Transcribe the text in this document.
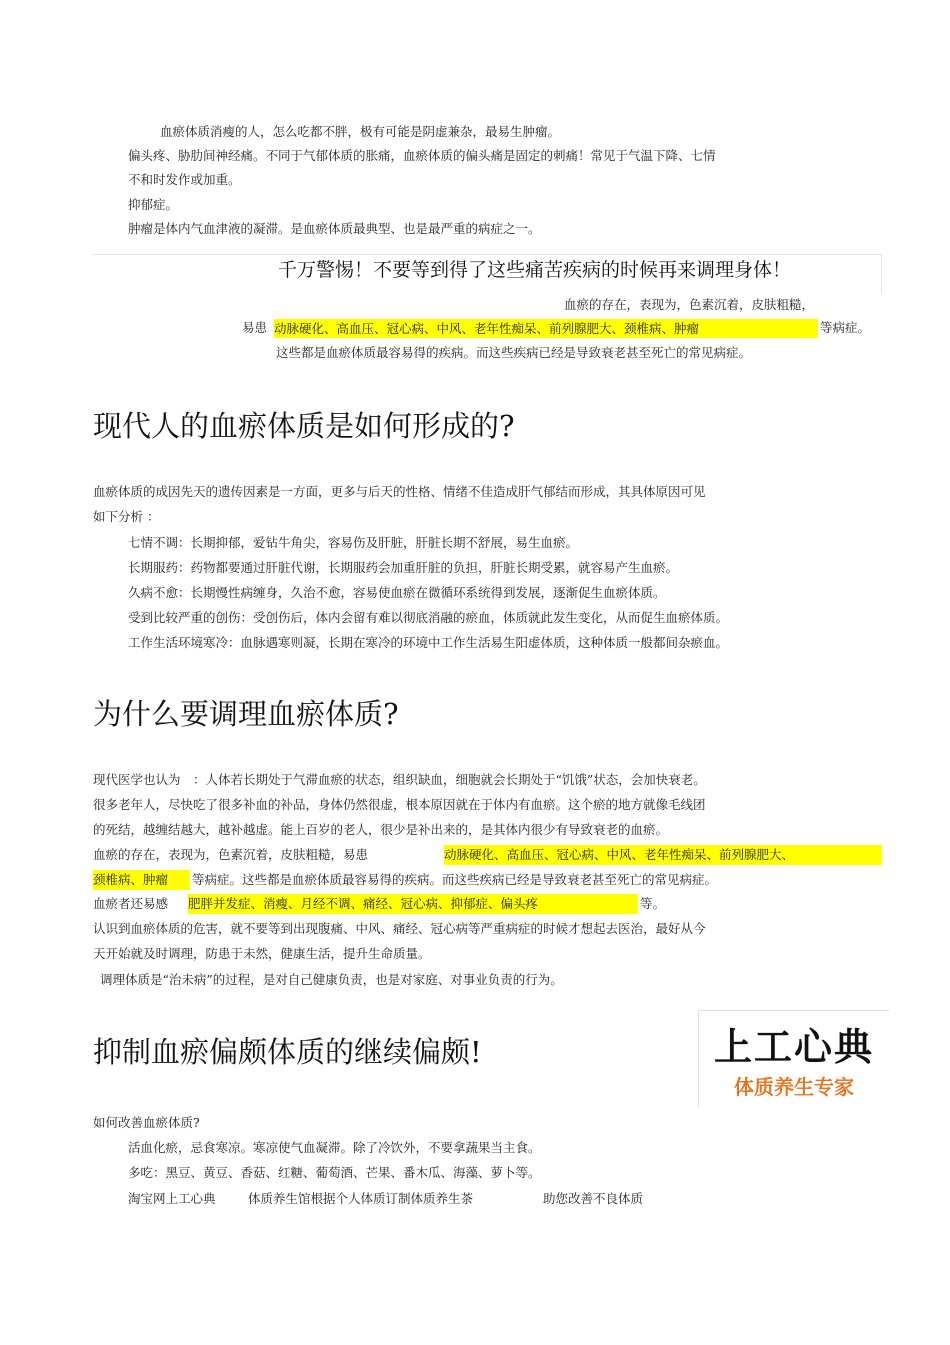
血瘀体质消瘦的人，怎么吃都不胖，极有可能是阴虚兼杂，最易生肿瘤。
偏头疼、胁肋间神经痛。不同于气郁体质的胀痛，血瘀体质的偏头痛是固定的刺痛！常见于气温下降、七情
不和时发作或加重。
抑郁症。
肿瘤是体内气血津液的凝滞。是血瘀体质最典型、也是最严重的病症之一。
千万警惕！不要等到得了这些痛苦疾病的时候再来调理身体！
血瘀的存在，表现为，色素沉着，皮肤粗糙，
易患 动脉硬化、高血压、冠心病、中风、老年性痴呆、前列腺肥大、颈椎病、肿瘤	等病症。
这些都是血瘀体质最容易得的疾病。而这些疾病已经是导致衰老甚至死亡的常见病症。
现代人的血瘀体质是如何形成的?
血瘀体质的成因先天的遗传因素是一方面，更多与后天的性格、情绪不佳造成肝气郁结而形成，其具体原因可见
如下分析 ：
七情不调：长期抑郁，爱钻牛角尖，容易伤及肝脏，肝脏长期不舒展，易生血瘀。
长期服药：药物都要通过肝脏代谢，长期服药会加重肝脏的负担，肝脏长期受累，就容易产生血瘀。
久病不愈：长期慢性病缠身，久治不愈，容易使血瘀在微循环系统得到发展，逐渐促生血瘀体质。
受到比较严重的创伤：受创伤后，体内会留有难以彻底消融的瘀血，体质就此发生变化，从而促生血瘀体质。
工作生活环境寒冷：血脉遇寒则凝，长期在寒冷的环境中工作生活易生阳虚体质，这种体质一般都间杂瘀血。
为什么要调理血瘀体质?
现代医学也认为　：人体若长期处于气滞血瘀的状态，组织缺血，细胞就会长期处于“饥饿”状态，会加快衰老。
很多老年人，尽快吃了很多补血的补品，身体仍然很虚，根本原因就在于体内有血瘀。这个瘀的地方就像毛线团
的死结，越缠结越大，越补越虚。能上百岁的老人，很少是补出来的，是其体内很少有导致衰老的血瘀。
血瘀的存在，表现为，色素沉着，皮肤粗糙，易患	动脉硬化、高血压、冠心病、中风、老年性痴呆、前列腺肥大、
颈椎病、肿瘤	等病症。这些都是血瘀体质最容易得的疾病。而这些疾病已经是导致衰老甚至死亡的常见病症。
血瘀者还易感 肥胖并发症、消瘦、月经不调、痛经、冠心病、抑郁症、偏头疼	等。
认识到血瘀体质的危害，就不要等到出现腹痛、中风、痛经、冠心病等严重病症的时候才想起去医治，最好从今
天开始就及时调理，防患于未然，健康生活，提升生命质量。
调理体质是“治未病”的过程，是对自己健康负责，也是对家庭、对事业负责的行为。
抑制血瘀偏颇体质的继续偏颇!	上工心典
体质养生专家
如何改善血瘀体质?
活血化瘀，忌食寒凉。寒凉使气血凝滞。除了冷饮外，不要拿蔬果当主食。
多吃：黑豆、黄豆、香菇、红糖、葡萄酒、芒果、番木瓜、海藻、萝卜等。
淘宝网上工心典	体质养生馆根据个人体质订制体质养生茶	助您改善不良体质
